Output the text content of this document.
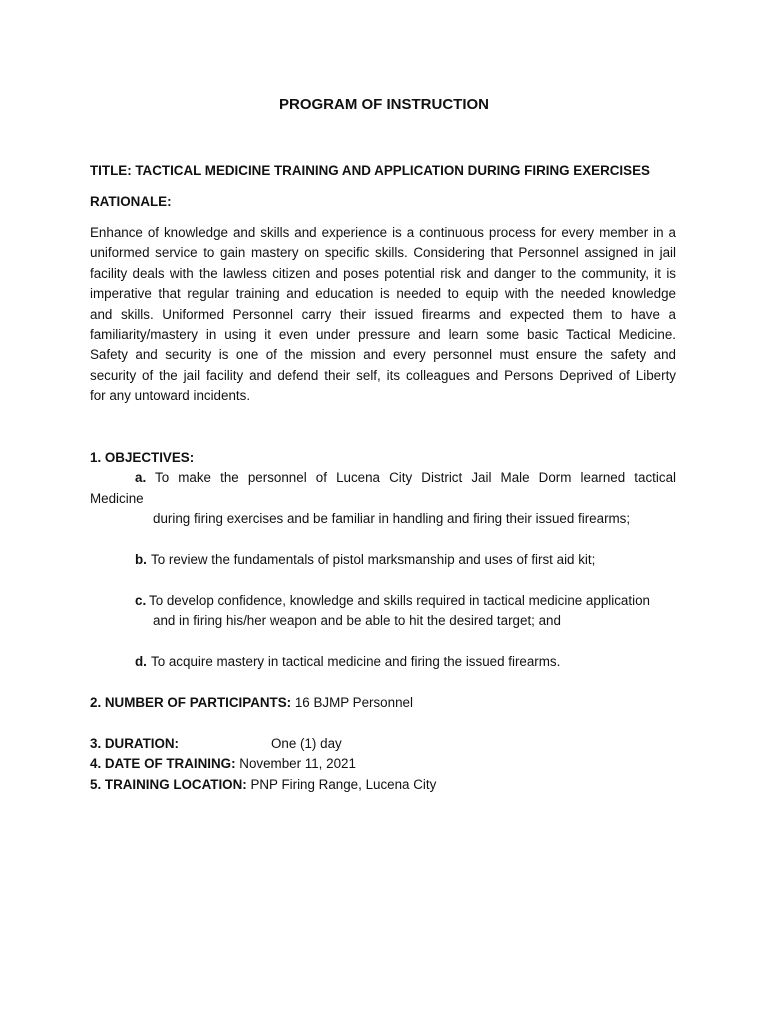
PROGRAM OF INSTRUCTION
TITLE: TACTICAL MEDICINE TRAINING AND APPLICATION DURING FIRING EXERCISES
RATIONALE:
Enhance of knowledge and skills and experience is a continuous process for every member in a
uniformed service to gain mastery on specific skills. Considering that Personnel assigned in jail
facility deals with the lawless citizen and poses potential risk and danger to the community, it is
imperative that regular training and education is needed to equip with the needed knowledge
and skills. Uniformed Personnel carry their issued firearms and expected them to have a
familiarity/mastery in using it even under pressure and learn some basic Tactical Medicine.
Safety and security is one of the mission and every personnel must ensure the safety and
security of the jail facility and defend their self, its colleagues and Persons Deprived of Liberty
for any untoward incidents.
1. OBJECTIVES:
a. To make the personnel of Lucena City District Jail Male Dorm learned tactical
Medicine
during firing exercises and be familiar in handling and firing their issued firearms;
b. To review the fundamentals of pistol marksmanship and uses of first aid kit;
c. To develop confidence, knowledge and skills required in tactical medicine application
and in firing his/her weapon and be able to hit the desired target; and
d. To acquire mastery in tactical medicine and firing the issued firearms.
2. NUMBER OF PARTICIPANTS: 16 BJMP Personnel
3. DURATION:	One (1) day
4. DATE OF TRAINING: November 11, 2021
5. TRAINING LOCATION: PNP Firing Range, Lucena City
